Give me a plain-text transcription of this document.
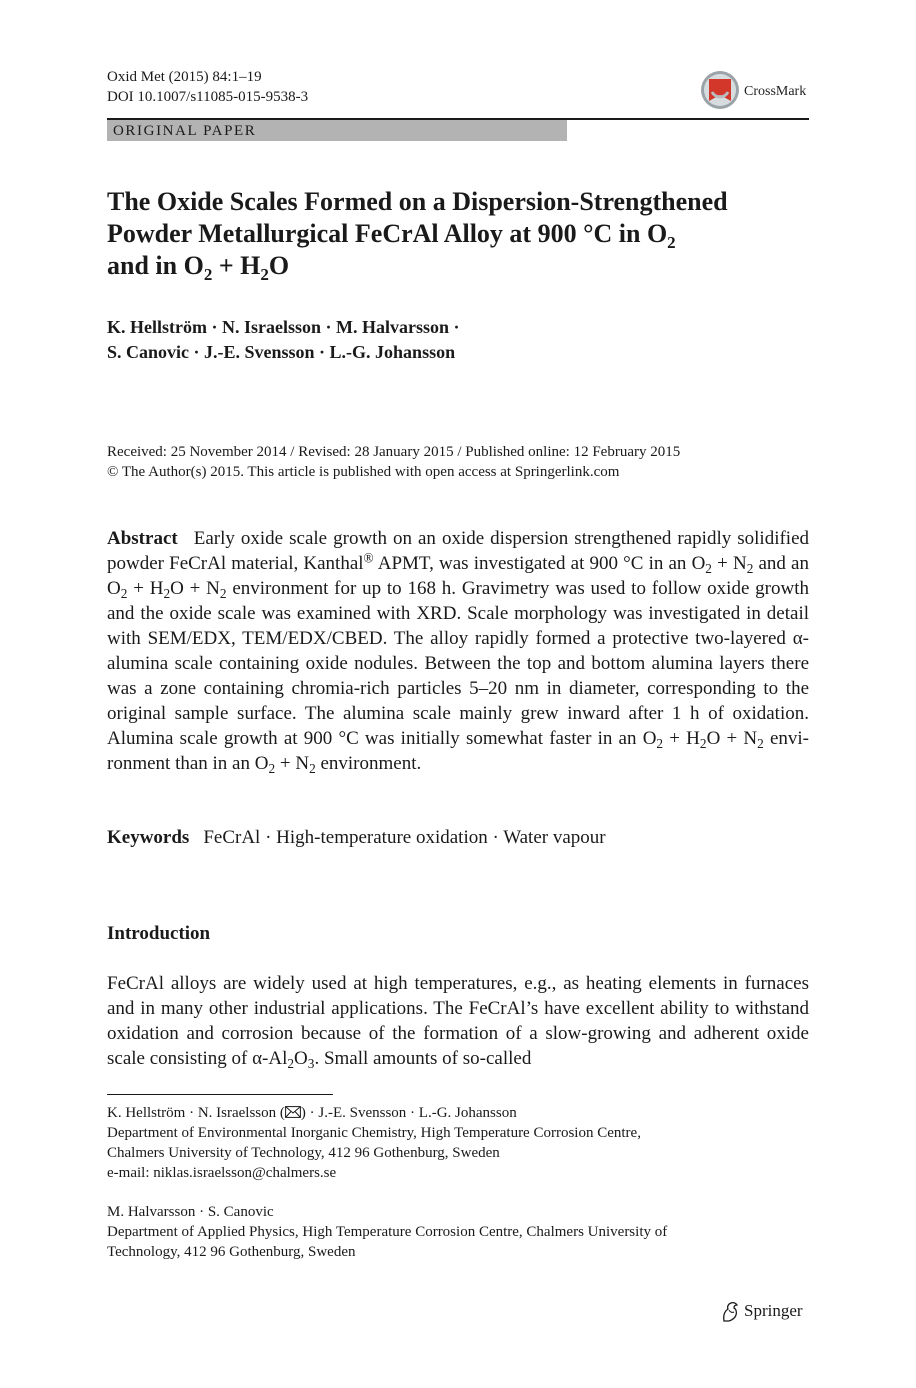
Oxid Met (2015) 84:1–19
DOI 10.1007/s11085-015-9538-3	CrossMark
ORIGINAL PAPER
The Oxide Scales Formed on a Dispersion-Strengthened
Powder Metallurgical FeCrAl Alloy at 900 °C in $O_2$
and in $O_2 + H_2O$
K. Hellström · N. Israelsson · M. Halvarsson ·
S. Canovic · J.-E. Svensson · L.-G. Johansson
Received: 25 November 2014 / Revised: 28 January 2015 / Published online: 12 February 2015
© The Author(s) 2015. This article is published with open access at Springerlink.com
Abstract Early oxide scale growth on an oxide dispersion strengthened rapidly solidified powder FeCrAl material, Kanthal® APMT, was investigated at 900 °C in an $O_2 + N_2$ and an $O_2 + H_2O + N_2$ environment for up to 168 h. Gravimetry was used to follow oxide growth and the oxide scale was examined with XRD. Scale morphology was investigated in detail with SEM/EDX, TEM/EDX/CBED. The alloy rapidly formed a protective two-layered α-alumina scale containing oxide nodules. Between the top and bottom alumina layers there was a zone containing chromia-rich particles 5–20 nm in diameter, corresponding to the original sample surface. The alumina scale mainly grew inward after 1 h of oxidation. Alumina scale growth at 900 °C was initially somewhat faster in an $O_2 + H_2O + N_2$ environment than in an $O_2 + N_2$ environment.
Keywords FeCrAl · High-temperature oxidation · Water vapour
Introduction
FeCrAl alloys are widely used at high temperatures, e.g., as heating elements in furnaces and in many other industrial applications. The FeCrAl’s have excellent ability to withstand oxidation and corrosion because of the formation of a slow-growing and adherent oxide scale consisting of $\alpha-Al_2O_3$. Small amounts of so-called
K. Hellström · N. Israelsson ( ) · J.-E. Svensson · L.-G. Johansson
Department of Environmental Inorganic Chemistry, High Temperature Corrosion Centre,
Chalmers University of Technology, 412 96 Gothenburg, Sweden
e-mail: niklas.israelsson@chalmers.se
M. Halvarsson · S. Canovic
Department of Applied Physics, High Temperature Corrosion Centre, Chalmers University of
Technology, 412 96 Gothenburg, Sweden
Springer
